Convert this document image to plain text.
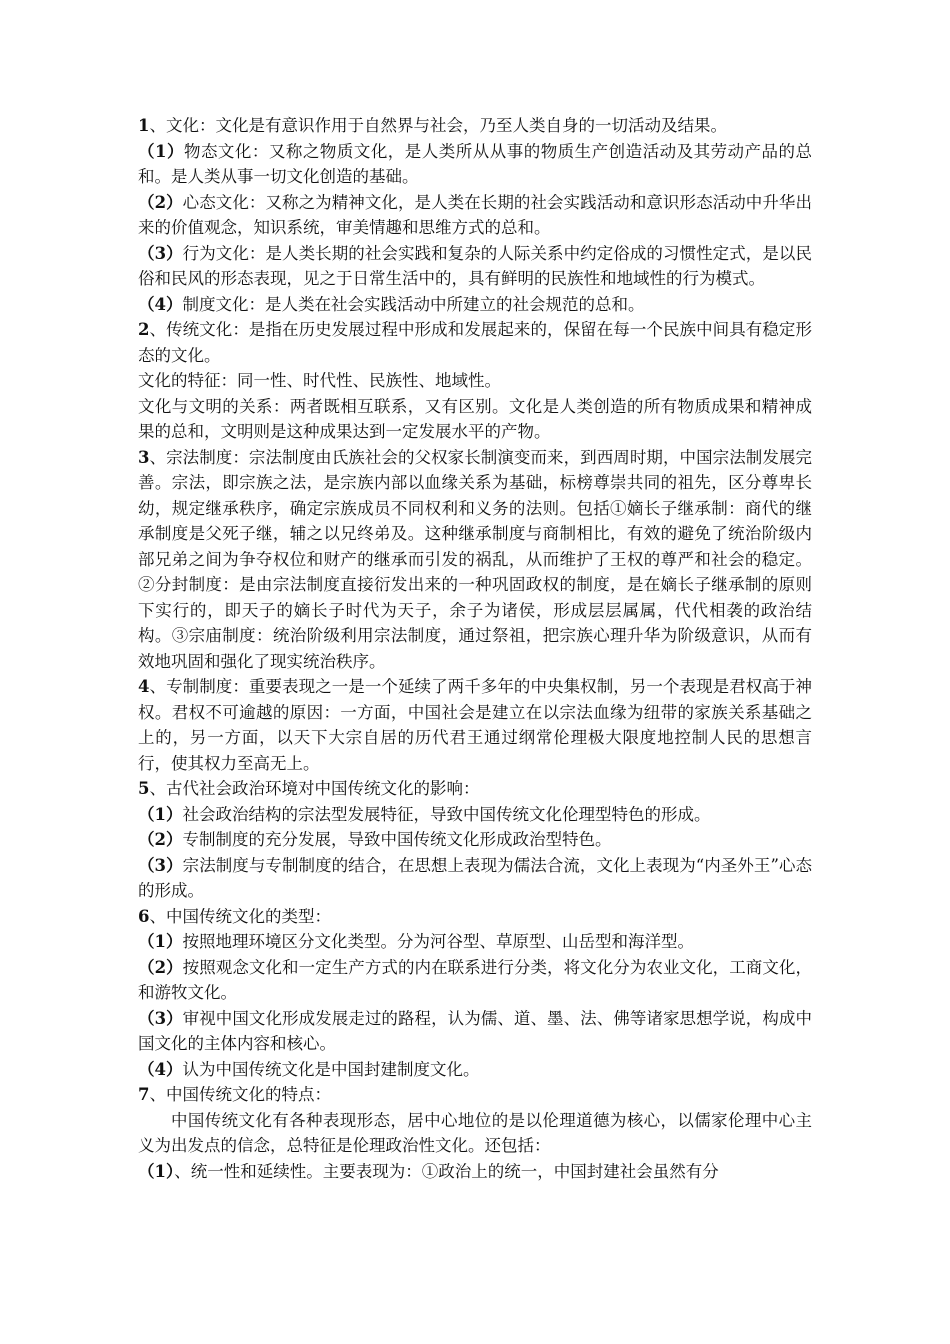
1、文化：文化是有意识作用于自然界与社会，乃至人类自身的一切活动及结果。

（1）物态文化：又称之物质文化，是人类所从从事的物质生产创造活动及其劳动产品的总和。是人类从事一切文化创造的基础。

（2）心态文化：又称之为精神文化，是人类在长期的社会实践活动和意识形态活动中升华出来的价值观念，知识系统，审美情趣和思维方式的总和。

（3）行为文化：是人类长期的社会实践和复杂的人际关系中约定俗成的习惯性定式，是以民俗和民风的形态表现，见之于日常生活中的，具有鲜明的民族性和地域性的行为模式。

（4）制度文化：是人类在社会实践活动中所建立的社会规范的总和。

2、传统文化：是指在历史发展过程中形成和发展起来的，保留在每一个民族中间具有稳定形态的文化。

文化的特征：同一性、时代性、民族性、地域性。

文化与文明的关系：两者既相互联系，又有区别。文化是人类创造的所有物质成果和精神成果的总和，文明则是这种成果达到一定发展水平的产物。

3、宗法制度：宗法制度由氏族社会的父权家长制演变而来，到西周时期，中国宗法制发展完善。宗法，即宗族之法，是宗族内部以血缘关系为基础，标榜尊崇共同的祖先，区分尊卑长幼，规定继承秩序，确定宗族成员不同权利和义务的法则。包括①嫡长子继承制：商代的继承制度是父死子继，辅之以兄终弟及。这种继承制度与商制相比，有效的避免了统治阶级内部兄弟之间为争夺权位和财产的继承而引发的祸乱，从而维护了王权的尊严和社会的稳定。②分封制度：是由宗法制度直接衍发出来的一种巩固政权的制度，是在嫡长子继承制的原则下实行的，即天子的嫡长子时代为天子，余子为诸侯，形成层层属属，代代相袭的政治结构。③宗庙制度：统治阶级利用宗法制度，通过祭祖，把宗族心理升华为阶级意识，从而有效地巩固和强化了现实统治秩序。

4、专制制度：重要表现之一是一个延续了两千多年的中央集权制，另一个表现是君权高于神权。君权不可逾越的原因：一方面，中国社会是建立在以宗法血缘为纽带的家族关系基础之上的，另一方面，以天下大宗自居的历代君王通过纲常伦理极大限度地控制人民的思想言行，使其权力至高无上。

5、古代社会政治环境对中国传统文化的影响：

（1）社会政治结构的宗法型发展特征，导致中国传统文化伦理型特色的形成。

（2）专制制度的充分发展，导致中国传统文化形成政治型特色。

（3）宗法制度与专制制度的结合，在思想上表现为儒法合流，文化上表现为“内圣外王”心态的形成。

6、中国传统文化的类型：

（1）按照地理环境区分文化类型。分为河谷型、草原型、山岳型和海洋型。

（2）按照观念文化和一定生产方式的内在联系进行分类，将文化分为农业文化，工商文化，和游牧文化。

（3）审视中国文化形成发展走过的路程，认为儒、道、墨、法、佛等诸家思想学说，构成中国文化的主体内容和核心。

（4）认为中国传统文化是中国封建制度文化。

7、中国传统文化的特点：

中国传统文化有各种表现形态，居中心地位的是以伦理道德为核心，以儒家伦理中心主义为出发点的信念，总特征是伦理政治性文化。还包括：

（1）、统一性和延续性。主要表现为：①政治上的统一，中国封建社会虽然有分
